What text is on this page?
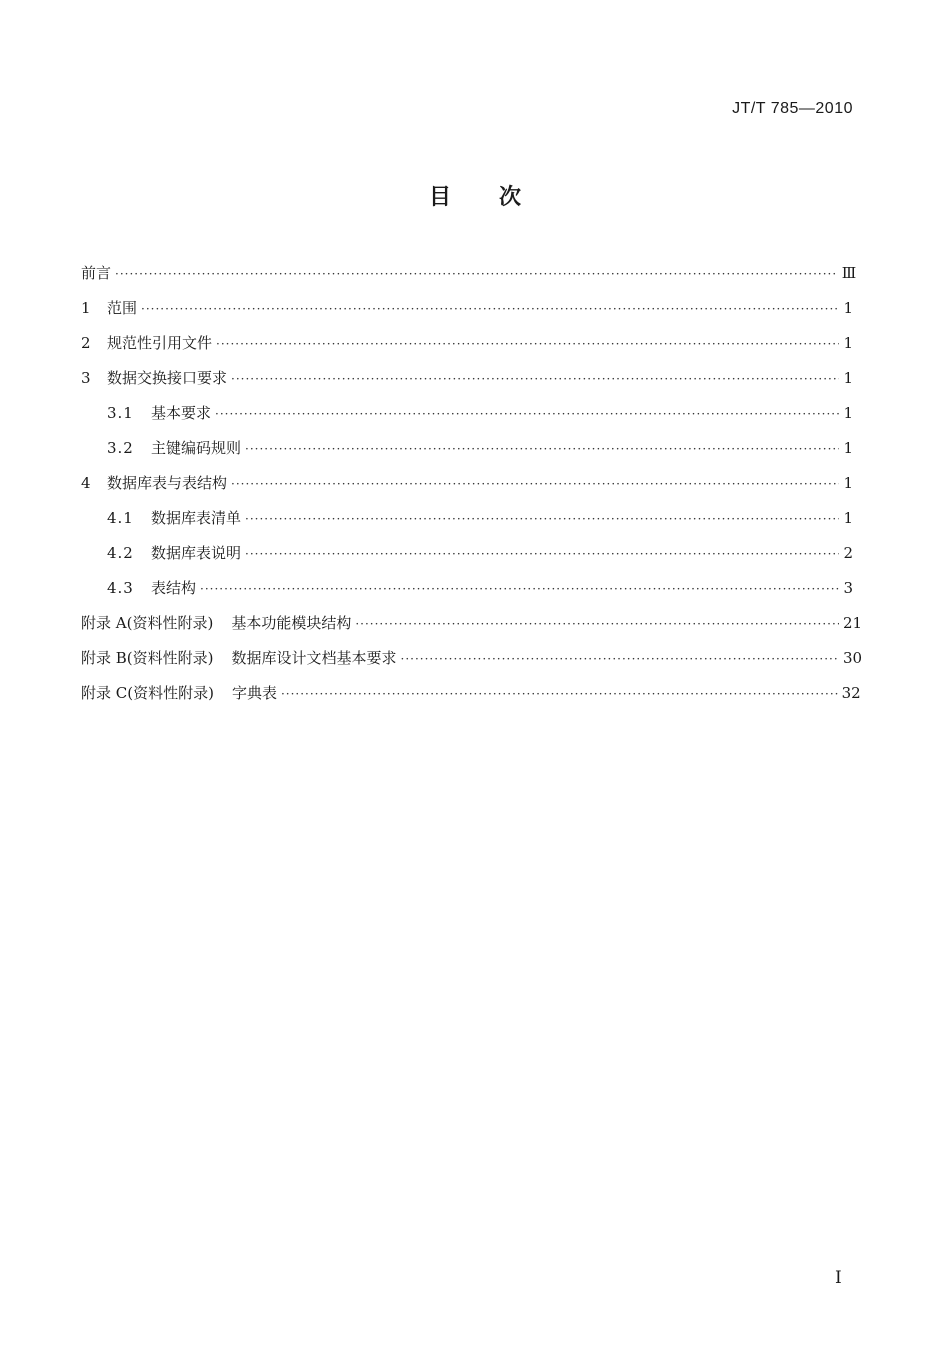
JT/T 785—2010
目次
前言 ·····	Ⅲ
1	范围 ·····	1
2	规范性引用文件 ·····	1
3	数据交换接口要求 ·····	1
3.1	基本要求 ·····	1
3.2	主键编码规则 ·····	1
4	数据库表与表结构 ·····	1
4.1	数据库表清单 ·····	1
4.2	数据库表说明 ·····	2
4.3	表结构 ·····	3
附录 A(资料性附录)	基本功能模块结构 ·····	21
附录 B(资料性附录)	数据库设计文档基本要求 ·····	30
附录 C(资料性附录)	字典表 ·····	32
I
